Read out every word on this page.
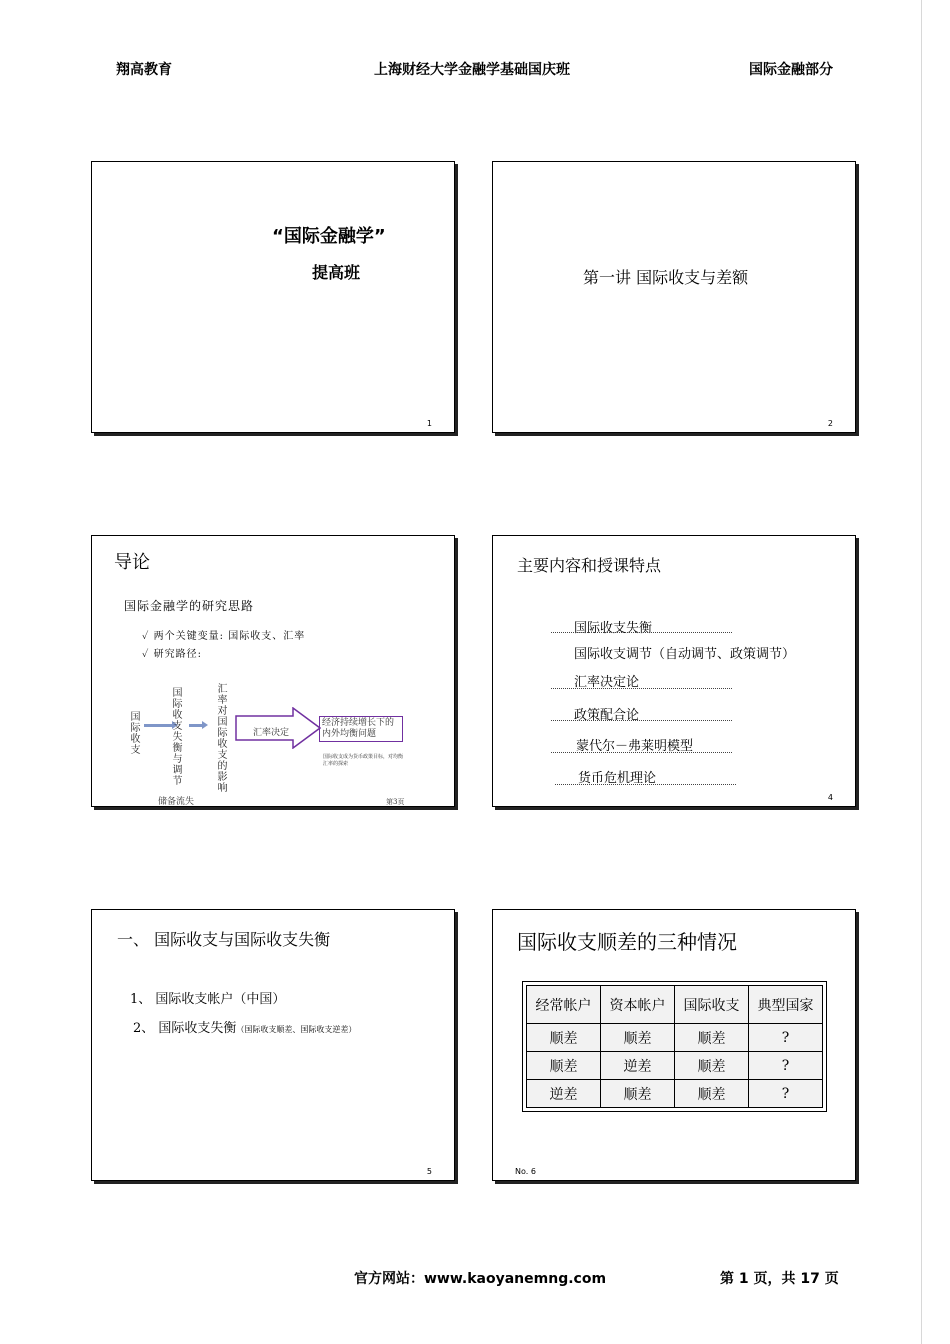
翔高教育	上海财经大学金融学基础国庆班	国际金融部分
“国际金融学”
提高班
1
第一讲 国际收支与差额
2
导论
国际金融学的研究思路
✓ 两个关键变量: 国际收支、汇率
✓ 研究路径:
国际收支
国际收支失衡与调节
汇率对国际收支的影响
汇率决定
经济持续增长下的内外均衡问题
国际收支成为货币政策目标，对均衡汇率的探索
储备流失	第3页
主要内容和授课特点
国际收支失衡
国际收支调节（自动调节、政策调节）
汇率决定论
政策配合论
蒙代尔－弗莱明模型
货币危机理论
4
一、 国际收支与国际收支失衡
1、 国际收支帐户（中国）
2、 国际收支失衡（国际收支顺差、国际收支逆差）
5
国际收支顺差的三种情况
经常帐户	资本帐户	国际收支	典型国家
顺差	顺差	顺差	?
顺差	逆差	顺差	?
逆差	顺差	顺差	?
No. 6
官方网站：www.kaoyanemng.com	第 1 页，共 17 页
